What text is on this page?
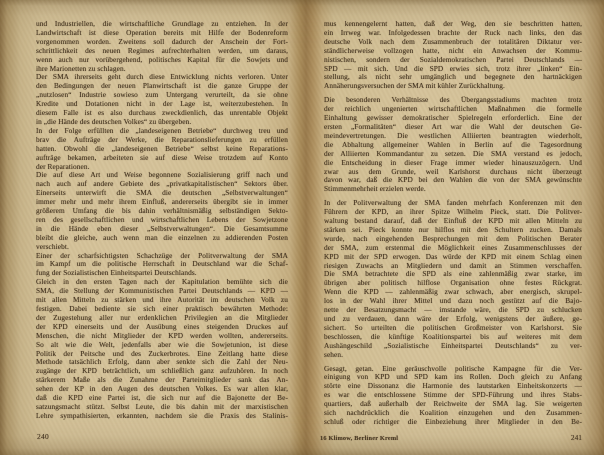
und Industriellen, die wirtschaftliche Grundlage zu entziehen. In der
Landwirtschaft ist diese Operation bereits mit Hilfe der Bodenreform
vorgenommen worden. Zweitens soll dadurch der Anschein der Fort-
schrittlichkeit des neuen Regimes aufrechterhalten werden, um daraus,
wenn auch nur vorübergehend, politisches Kapital für die Sowjets und
ihre Marionetten zu schlagen.
Der SMA ihrerseits geht durch diese Entwicklung nichts verloren. Unter
den Bedingungen der neuen Planwirtschaft ist die ganze Gruppe der
„nutzlosen“ Industrie sowieso zum Untergang verurteilt, da sie ohne
Kredite und Dotationen nicht in der Lage ist, weiterzubestehen. In
diesem Falle ist es also durchaus zweckdienlich, das unrentable Objekt
in „die Hände des deutschen Volkes“ zu übergeben.
In der Folge erfüllten die „landeseigenen Betriebe“ durchweg treu und
brav die Aufträge der Werke, die Reparationslieferungen zu erfüllen
hatten. Obwohl die „landeseigenen Betriebe“ selbst keine Reparations-
aufträge bekamen, arbeiteten sie auf diese Weise trotzdem auf Konto
der Reparationen.
Die auf diese Art und Weise begonnene Sozialisierung griff nach und
nach auch auf andere Gebiete des „privatkapitalistischen“ Sektors über.
Einerseits unterwirft die SMA die deutschen „Selbstverwaltungen“
immer mehr und mehr ihrem Einfluß, andererseits übergibt sie in immer
größerem Umfang die bis dahin verhältnismäßig selbständigen Sekto-
ren des gesellschaftlichen und wirtschaftlichen Lebens der Sowjetzone
in die Hände eben dieser „Selbstverwaltungen“. Die Gesamtsumme
bleibt die gleiche, auch wenn man die einzelnen zu addierenden Posten
verschiebt.
Einer der scharfsichtigsten Schachzüge der Politverwaltung der SMA
im Kampf um die politische Herrschaft in Deutschland war die Schaf-
fung der Sozialistischen Einheitspartei Deutschlands.
Gleich in den ersten Tagen nach der Kapitulation bemühte sich die
SMA, die Stellung der Kommunistischen Partei Deutschlands — KPD —
mit allen Mitteln zu stärken und ihre Autorität im deutschen Volk zu
festigen. Dabei bediente sie sich einer praktisch bewährten Methode:
der Zugestehung aller nur erdenklichen Privilegien an die Mitglieder
der KPD einerseits und der Ausübung eines steigenden Druckes auf
Menschen, die nicht Mitglieder der KPD werden wollten, andererseits.
So alt wie die Welt, jedenfalls aber wie die Sowjetunion, ist diese
Politik der Peitsche und des Zuckerbrotes. Eine Zeitlang hatte diese
Methode tatsächlich Erfolg, dann aber senkte sich die Zahl der Neu-
zugänge der KPD beträchtlich, um schließlich ganz aufzuhören. In noch
stärkerem Maße als die Zunahme der Parteimitglieder sank das An-
sehen der KP in den Augen des deutschen Volkes. Es war allen klar,
daß die KPD eine Partei ist, die sich nur auf die Bajonette der Be-
satzungsmacht stützt. Selbst Leute, die bis dahin mit der marxistischen
Lehre sympathisierten, erkannten, nachdem sie die Praxis des Stalinis-
240
mus kennengelernt hatten, daß der Weg, den sie beschritten hatten,
ein Irrweg war. Infolgedessen brachte der Ruck nach links, den das
deutsche Volk nach dem Zusammenbruch der totalitären Diktatur ver-
ständlicherweise vollzogen hatte, nicht ein Anwachsen der Kommu-
nistischen, sondern der Sozialdemokratischen Partei Deutschlands —
SPD — mit sich. Und die SPD erwies sich, trotz ihrer „linken“ Ein-
stellung, als nicht sehr umgänglich und begegnete den hartnäckigen
Annäherungsversuchen der SMA mit kühler Zurückhaltung.
Die besonderen Verhältnisse des Übergangsstadiums machten trotz
der reichlich ungenierten wirtschaftlichen Maßnahmen die formelle
Einhaltung gewisser demokratischer Spielregeln erforderlich. Eine der
ersten „Formalitäten“ dieser Art war die Wahl der deutschen Ge-
meindevertretungen. Die westlichen Alliierten beantragten wiederholt,
die Abhaltung allgemeiner Wahlen in Berlin auf die Tagesordnung
der Alliierten Kommandantur zu setzen. Die SMA verstand es jedoch,
die Entscheidung in dieser Frage immer wieder hinauszuzögern. Und
zwar aus dem Grunde, weil Karlshorst durchaus nicht überzeugt
davon war, daß die KPD bei den Wahlen die von der SMA gewünschte
Stimmenmehrheit erzielen werde.
In der Politverwaltung der SMA fanden mehrfach Konferenzen mit den
Führern der KPD, an ihrer Spitze Wilhelm Pieck, statt. Die Politver-
waltung bestand darauf, daß der Einfluß der KPD mit allen Mitteln zu
stärken sei. Pieck konnte nur hilflos mit den Schultern zucken. Damals
wurde, nach eingehenden Besprechungen mit dem Politischen Berater
der SMA, zum erstenmal die Möglichkeit eines Zusammenschlusses der
KPD mit der SPD erwogen. Das würde der KPD mit einem Schlag einen
riesigen Zuwachs an Mitgliedern und damit an Stimmen verschaffen.
Die SMA betrachtete die SPD als eine zahlenmäßig zwar starke, im
übrigen aber politisch hilflose Organisation ohne festes Rückgrat.
Wenn die KPD — zahlenmäßig zwar schwach, aber energisch, skrupel-
los in der Wahl ihrer Mittel und dazu noch gestützt auf die Bajo-
nette der Besatzungsmacht — imstande wäre, die SPD zu schlucken
und zu verdauen, dann wäre der Erfolg, wenigstens der äußere, ge-
sichert. So urteilten die politischen Großmeister von Karlshorst. Sie
beschlossen, die künftige Koalitionspartei bis auf weiteres mit dem
Aushängeschild „Sozialistische Einheitspartei Deutschlands“ zu ver-
sehen.
Gesagt, getan. Eine geräuschvolle politische Kampagne für die Ver-
einigung von KPD und SPD kam ins Rollen. Doch gleich zu Anfang
störte eine Dissonanz die Harmonie des lautstarken Einheitskonzerts —
es war die entschlossene Stimme der SPD-Führung und ihres Stabs-
quartiers, daß außerhalb der Reichweite der SMA lag. Sie weigerten
sich nachdrücklich die Koalition einzugehen und den Zusammen-
schluß oder richtiger die Einbeziehung ihrer Mitglieder in den Be-
16 Klimow, Berliner Kreml	241
